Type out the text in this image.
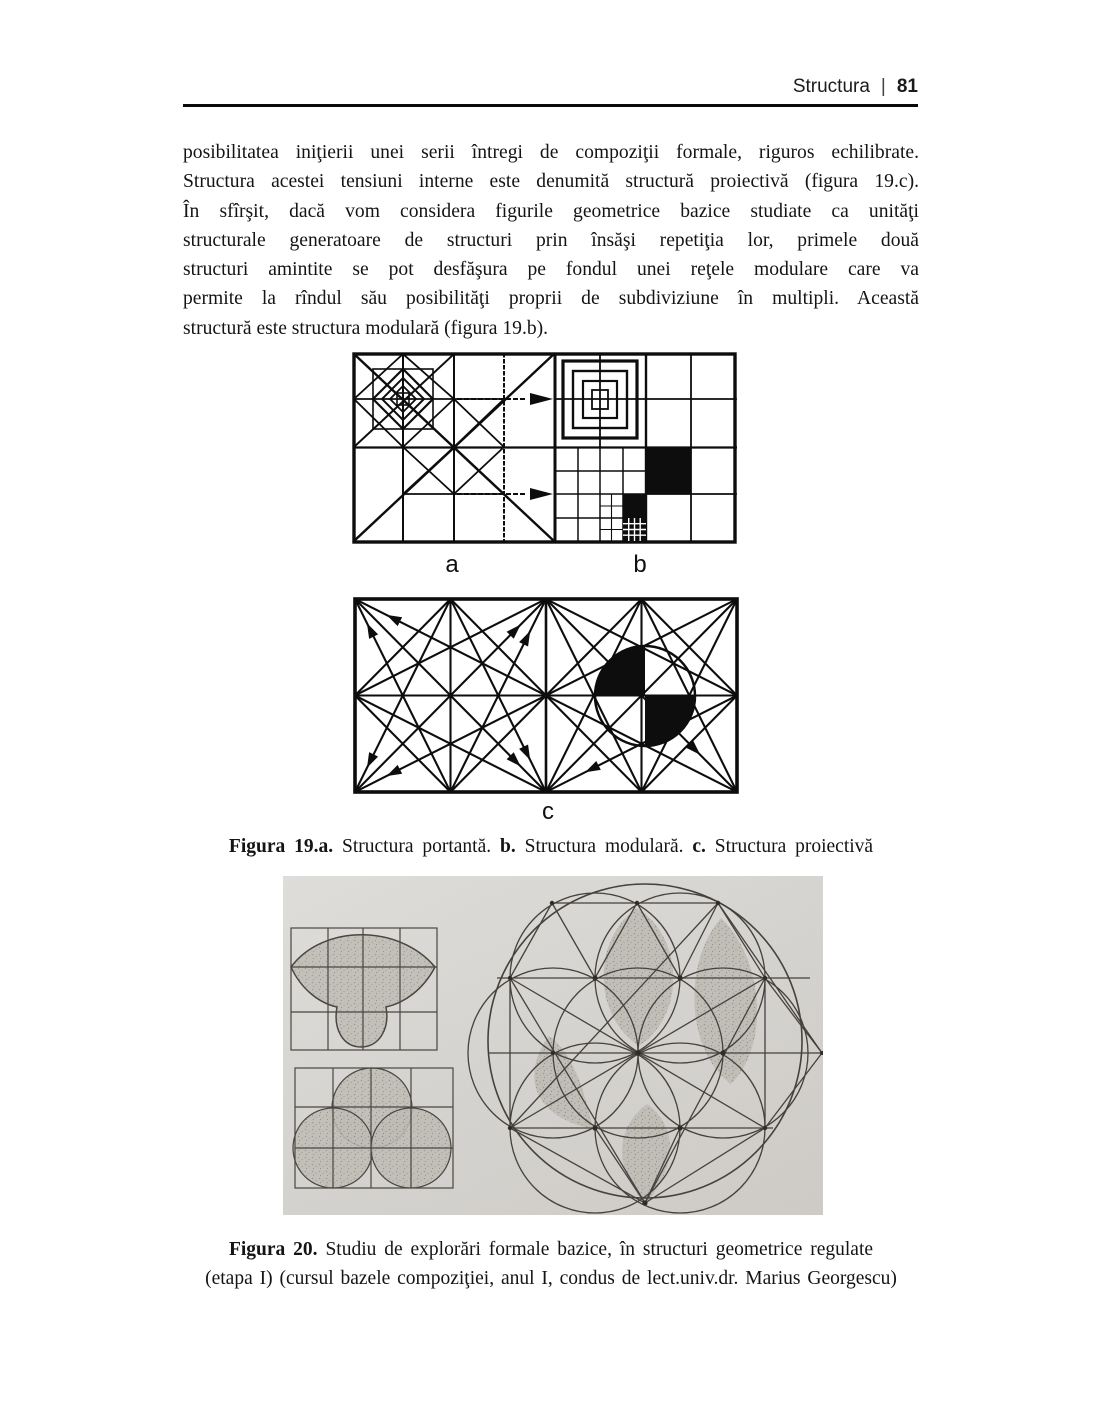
Structura | 81
posibilitatea iniţierii unei serii întregi de compoziţii formale, riguros echilibrate.
Structura acestei tensiuni interne este denumită structură proiectivă (figura 19.c).
În sfîrşit, dacă vom considera figurile geometrice bazice studiate ca unităţi
structurale generatoare de structuri prin însăşi repetiţia lor, primele două
structuri amintite se pot desfăşura pe fondul unei reţele modulare care va
permite la rîndul său posibilităţi proprii de subdiviziune în multipli. Această
structură este structura modulară (figura 19.b).
a	b
c
Figura 19.a. Structura portantă. b. Structura modulară. c. Structura proiectivă
Figura 20. Studiu de explorări formale bazice, în structuri geometrice regulate
(etapa I) (cursul bazele compoziţiei, anul I, condus de lect.univ.dr. Marius Georgescu)
